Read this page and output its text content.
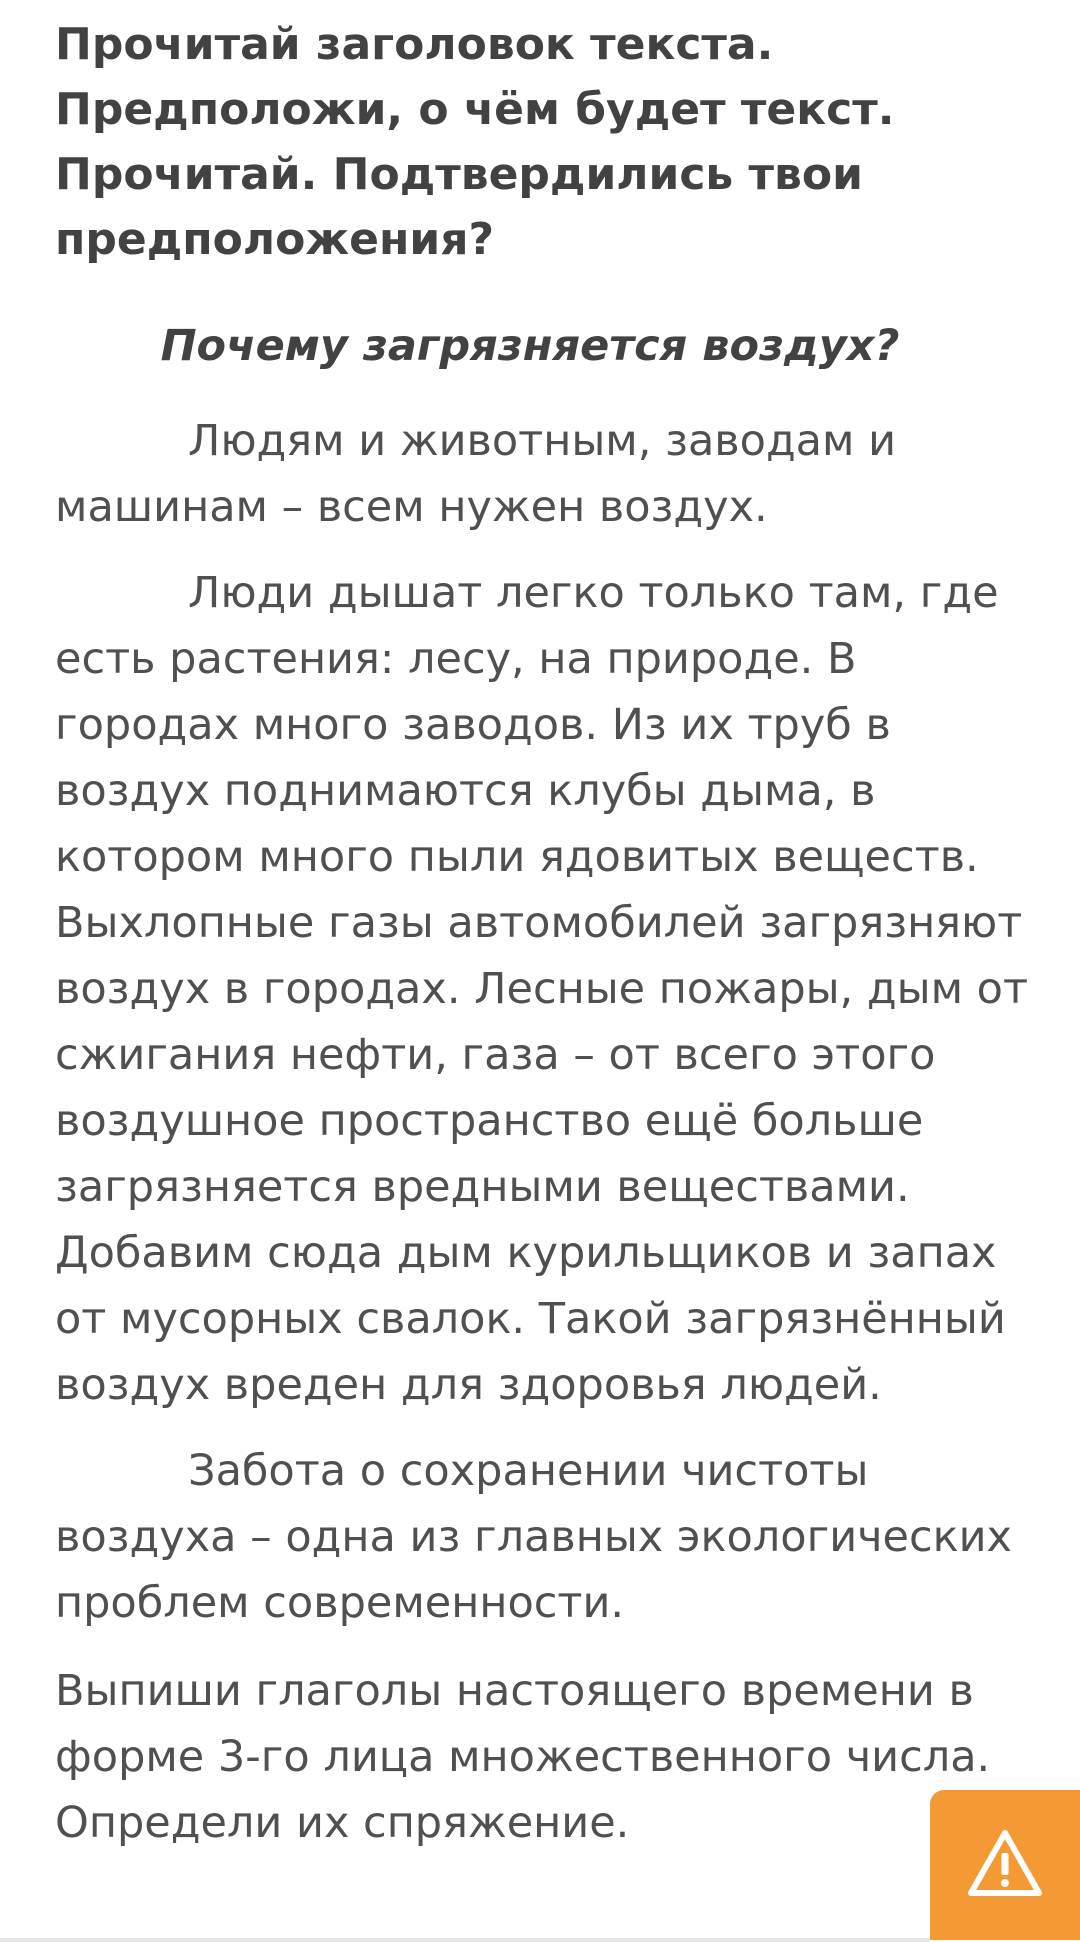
Прочитай заголовок текста. Предположи, о чём будет текст. Прочитай. Подтвердились твои предположения?

Почему загрязняется воздух?

Людям и животным, заводам и машинам – всем нужен воздух.

Люди дышат легко только там, где есть растения: лесу, на природе. В городах много заводов. Из их труб в воздух поднимаются клубы дыма, в котором много пыли ядовитых веществ. Выхлопные газы автомобилей загрязняют воздух в городах. Лесные пожары, дым от сжигания нефти, газа – от всего этого воздушное пространство ещё больше загрязняется вредными веществами. Добавим сюда дым курильщиков и запах от мусорных свалок. Такой загрязнённый воздух вреден для здоровья людей.

Забота о сохранении чистоты воздуха – одна из главных экологических проблем современности.

Выпиши глаголы настоящего времени в форме 3-го лица множественного числа. Определи их спряжение.
